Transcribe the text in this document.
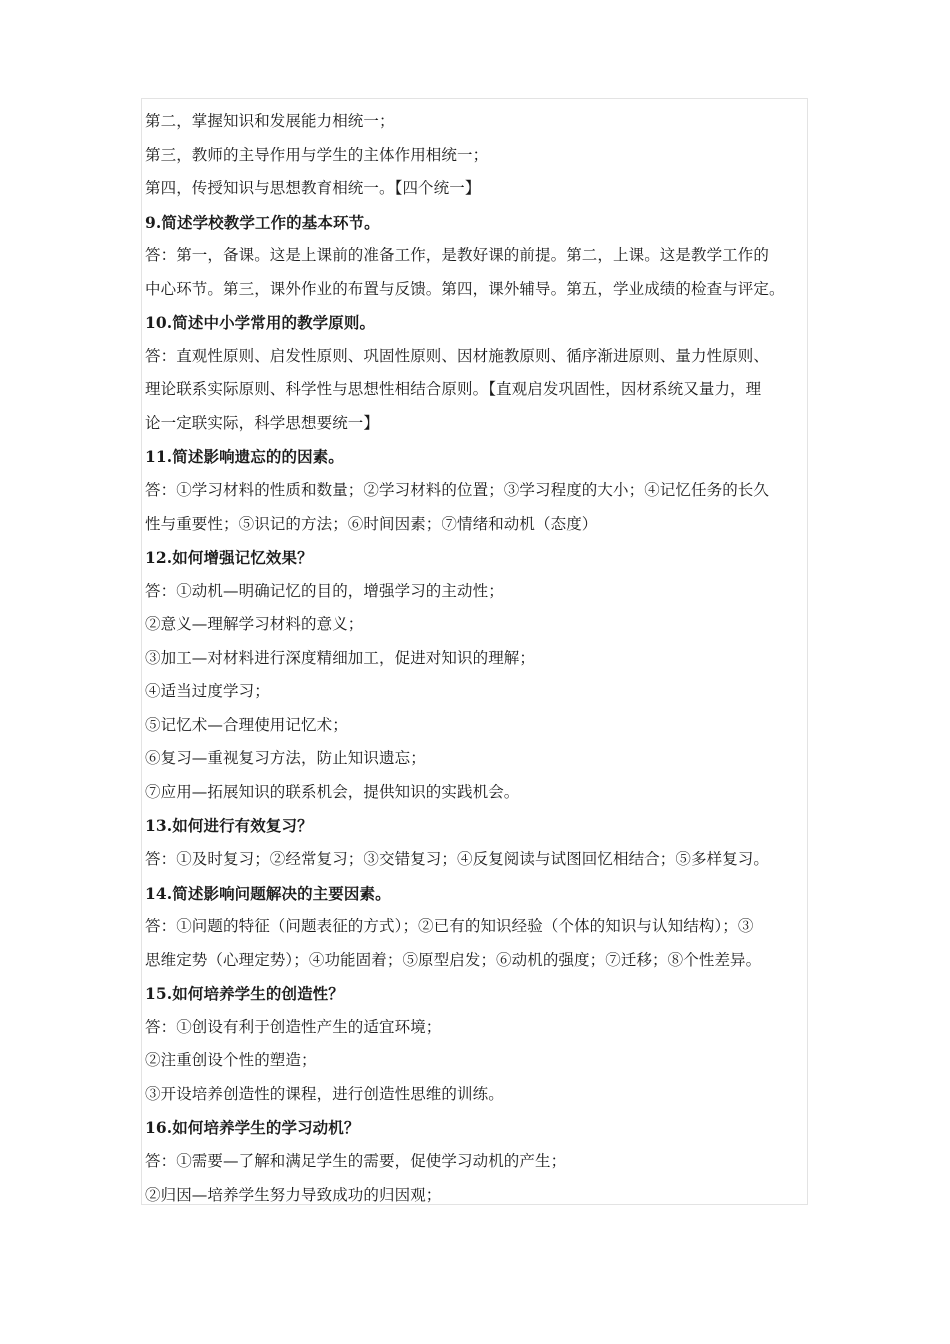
第二，掌握知识和发展能力相统一；
第三，教师的主导作用与学生的主体作用相统一；
第四，传授知识与思想教育相统一。【四个统一】
9.简述学校教学工作的基本环节。
答：第一，备课。这是上课前的准备工作，是教好课的前提。第二，上课。这是教学工作的
中心环节。第三，课外作业的布置与反馈。第四，课外辅导。第五，学业成绩的检查与评定。
10.简述中小学常用的教学原则。
答：直观性原则、启发性原则、巩固性原则、因材施教原则、循序渐进原则、量力性原则、
理论联系实际原则、科学性与思想性相结合原则。【直观启发巩固性，因材系统又量力，理
论一定联实际，科学思想要统一】
11.简述影响遗忘的的因素。
答：①学习材料的性质和数量；②学习材料的位置；③学习程度的大小；④记忆任务的长久
性与重要性；⑤识记的方法；⑥时间因素；⑦情绪和动机（态度）
12.如何增强记忆效果？
答：①动机—明确记忆的目的，增强学习的主动性；
②意义—理解学习材料的意义；
③加工—对材料进行深度精细加工，促进对知识的理解；
④适当过度学习；
⑤记忆术—合理使用记忆术；
⑥复习—重视复习方法，防止知识遗忘；
⑦应用—拓展知识的联系机会，提供知识的实践机会。
13.如何进行有效复习？
答：①及时复习；②经常复习；③交错复习；④反复阅读与试图回忆相结合；⑤多样复习。
14.简述影响问题解决的主要因素。
答：①问题的特征（问题表征的方式）；②已有的知识经验（个体的知识与认知结构）；③
思维定势（心理定势）；④功能固着；⑤原型启发；⑥动机的强度；⑦迁移；⑧个性差异。
15.如何培养学生的创造性？
答：①创设有利于创造性产生的适宜环境；
②注重创设个性的塑造；
③开设培养创造性的课程，进行创造性思维的训练。
16.如何培养学生的学习动机？
答：①需要—了解和满足学生的需要，促使学习动机的产生；
②归因—培养学生努力导致成功的归因观；
